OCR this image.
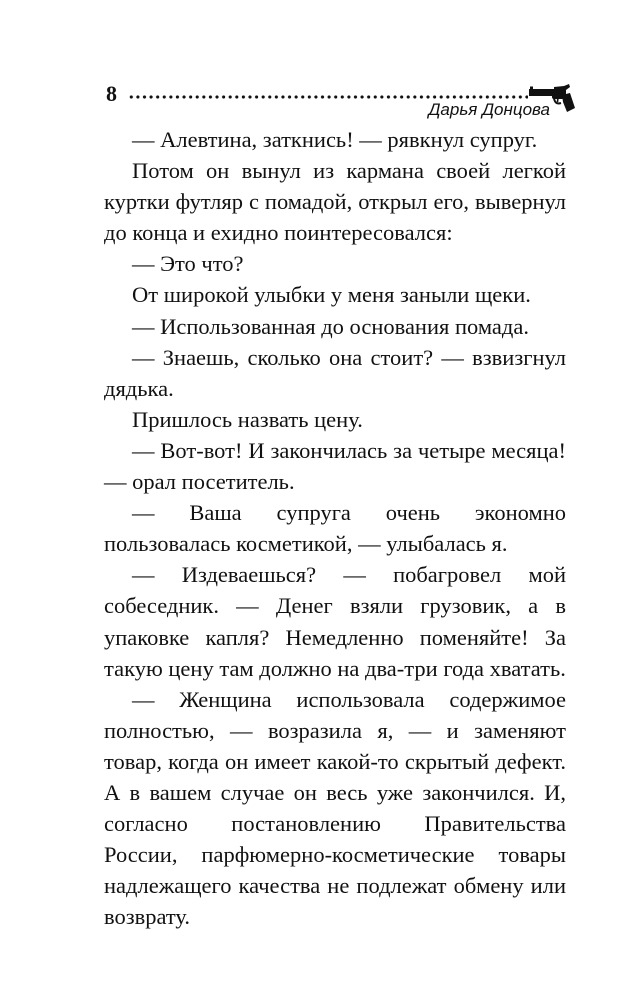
8
Дарья Донцова

— Алевтина, заткнись! — рявкнул супруг.

Потом он вынул из кармана своей легкой куртки футляр с помадой, открыл его, вывернул до конца и ехидно поинтересовался:

— Это что?

От широкой улыбки у меня заныли щеки.

— Использованная до основания помада.

— Знаешь, сколько она стоит? — взвизгнул дядька.

Пришлось назвать цену.

— Вот-вот! И закончилась за четыре месяца! — орал посетитель.

— Ваша супруга очень экономно пользовалась косметикой, — улыбалась я.

— Издеваешься? — побагровел мой собеседник. — Денег взяли грузовик, а в упаковке капля? Немедленно поменяйте! За такую цену там должно на два-три года хватать.

— Женщина использовала содержимое полностью, — возразила я, — и заменяют товар, когда он имеет какой-то скрытый дефект. А в вашем случае он весь уже закончился. И, согласно постановлению Правительства России, парфюмерно-косметические товары надлежащего качества не подлежат обмену или возврату.
